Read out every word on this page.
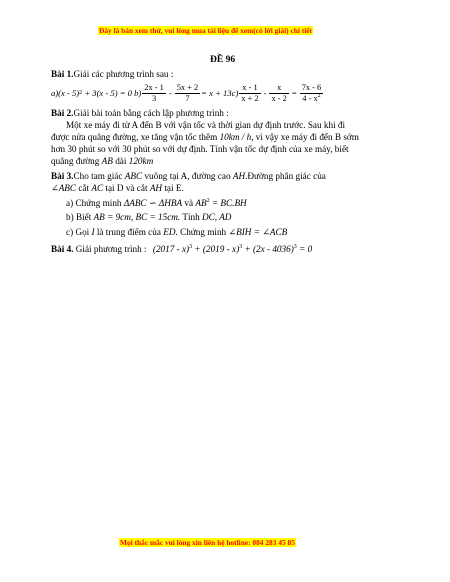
Đây là bản xem thử, vui lòng mua tài liệu để xem(có lời giải) chi tiết
ĐỀ 96
Bài 1.Giải các phương trình sau :
a) (x - 5) 2 + 3(x - 5) = 0 $b) \frac{2x - 1}{3} - \frac{5x + 2}{7} = x + 13$ $c) \frac{x - 1}{x + 2} - \frac{x}{x - 2} = \frac{7x - 6}{4 - x^2}$
Bài 2.Giải bài toán bằng cách lập phương trình :
Một xe máy đi từ A đến B với vận tốc và thời gian dự định trước. Sau khi đi
được nửa quãng đường, xe tăng vận tốc thêm 10km / h, vì vậy xe máy đi đến B sớm
hơn 30 phút so với 30 phút so với dự định. Tính vận tốc dự định của xe máy, biết
quãng đường AB dài 120km
Bài 3.Cho tam giác ABC vuông tại A, đường cao AH.Đường phân giác của
∠ABC cắt AC tại D và cắt AH tại E.
a) Chứng minh ΔABC ∽ ΔHBA và $AB^2 = BC.BH$
b) Biết AB = 9cm, BC = 15cm. Tính DC, AD
c) Gọi I là trung điểm của ED. Chứng minh ∠BIH = ∠ACB
Bài 4. Giải phương trình : (2017 - x)$^3$ + (2019 - x)$^3$ + (2x - 4036)$^3$ = 0
Mọi thắc mắc vui lòng xin liên hệ hotline: 084 283 45 85
